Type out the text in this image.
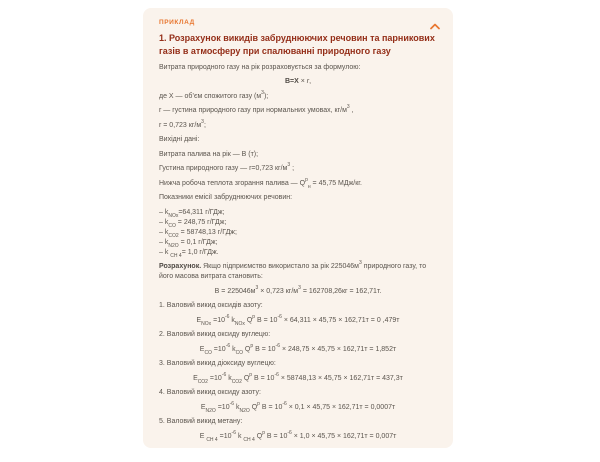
ПРИКЛАД
1. Розрахунок викидів забруднюючих речовин та парникових газів в атмосферу при спалюванні природного газу
Витрата природного газу на рік розраховується за формулою:
В=Х × r,
де Х — об’єм спожитого газу $(м^3)$;
r — густина природного газу при нормальних умовах, $кг/м^3$ ,
r = 0,723 $кг/м^3$;
Вихідні дані:
Витрата палива на рік — В (т);
Густина природного газу — r=0,723 $кг/м^3$ ;
Нижча робоча теплота згорання палива — $Q^р_н = 45,75$ МДж/кг.
Показники емісії забруднюючих речовин:
– $k_{NOх}=64,311$ г/ГДж;
– $k_{CO} = 248,75$ г/ГДж;
– $k_{CO2} = 58748,13$ г/ГДж;
– $k_{N2O} = 0,1$ г/ГДж;
– k $_{CH 4}$= 1,0 г/ГДж.
Розрахунок. Якщо підприємство використало за рік $225046м^3$ природного газу, то його масова витрата становить:
$В = 225046м^3 \times 0,723$ $кг/м^3 = 162708,26кг = 162,71т$.
1. Валовий викид оксидів азоту:
$Е_{NOх} =10^{-6}$ $k_{NOх}$ $Q^р$ $В = 10^{-6} \times 64,311 \times 45,75 \times 162,71т = 0$ ,479т
2. Валовий викид оксиду вуглецю:
$Е_{СО} =10^{-6}$ $k_{СО}$ $Q^р$ $В = 10^{-6} \times 248,75 \times 45,75 \times 162,71т = 1,852т$
3. Валовий викид діоксиду вуглецю:
$Е_{СО2} =10^{-6}$ $k_{СО2}$ $Q^р$ $В = 10^{-6} \times 58748,13 \times 45,75 \times 162,71т = 437,3т$
4. Валовий викид оксиду азоту:
$Е_{N2O} =10^{-6}$ $k_{N2O}$ $Q^р$ $В = 10^{-6} \times 0,1 \times 45,75 \times 162,71т = 0,0007т$
5. Валовий викид метану:
Е $_{СН 4} =10^{-6}$ k $_{СН 4}$ $Q^р$ $В = 10^{-6} \times 1,0 \times 45,75 \times 162,71т = 0,007т$
